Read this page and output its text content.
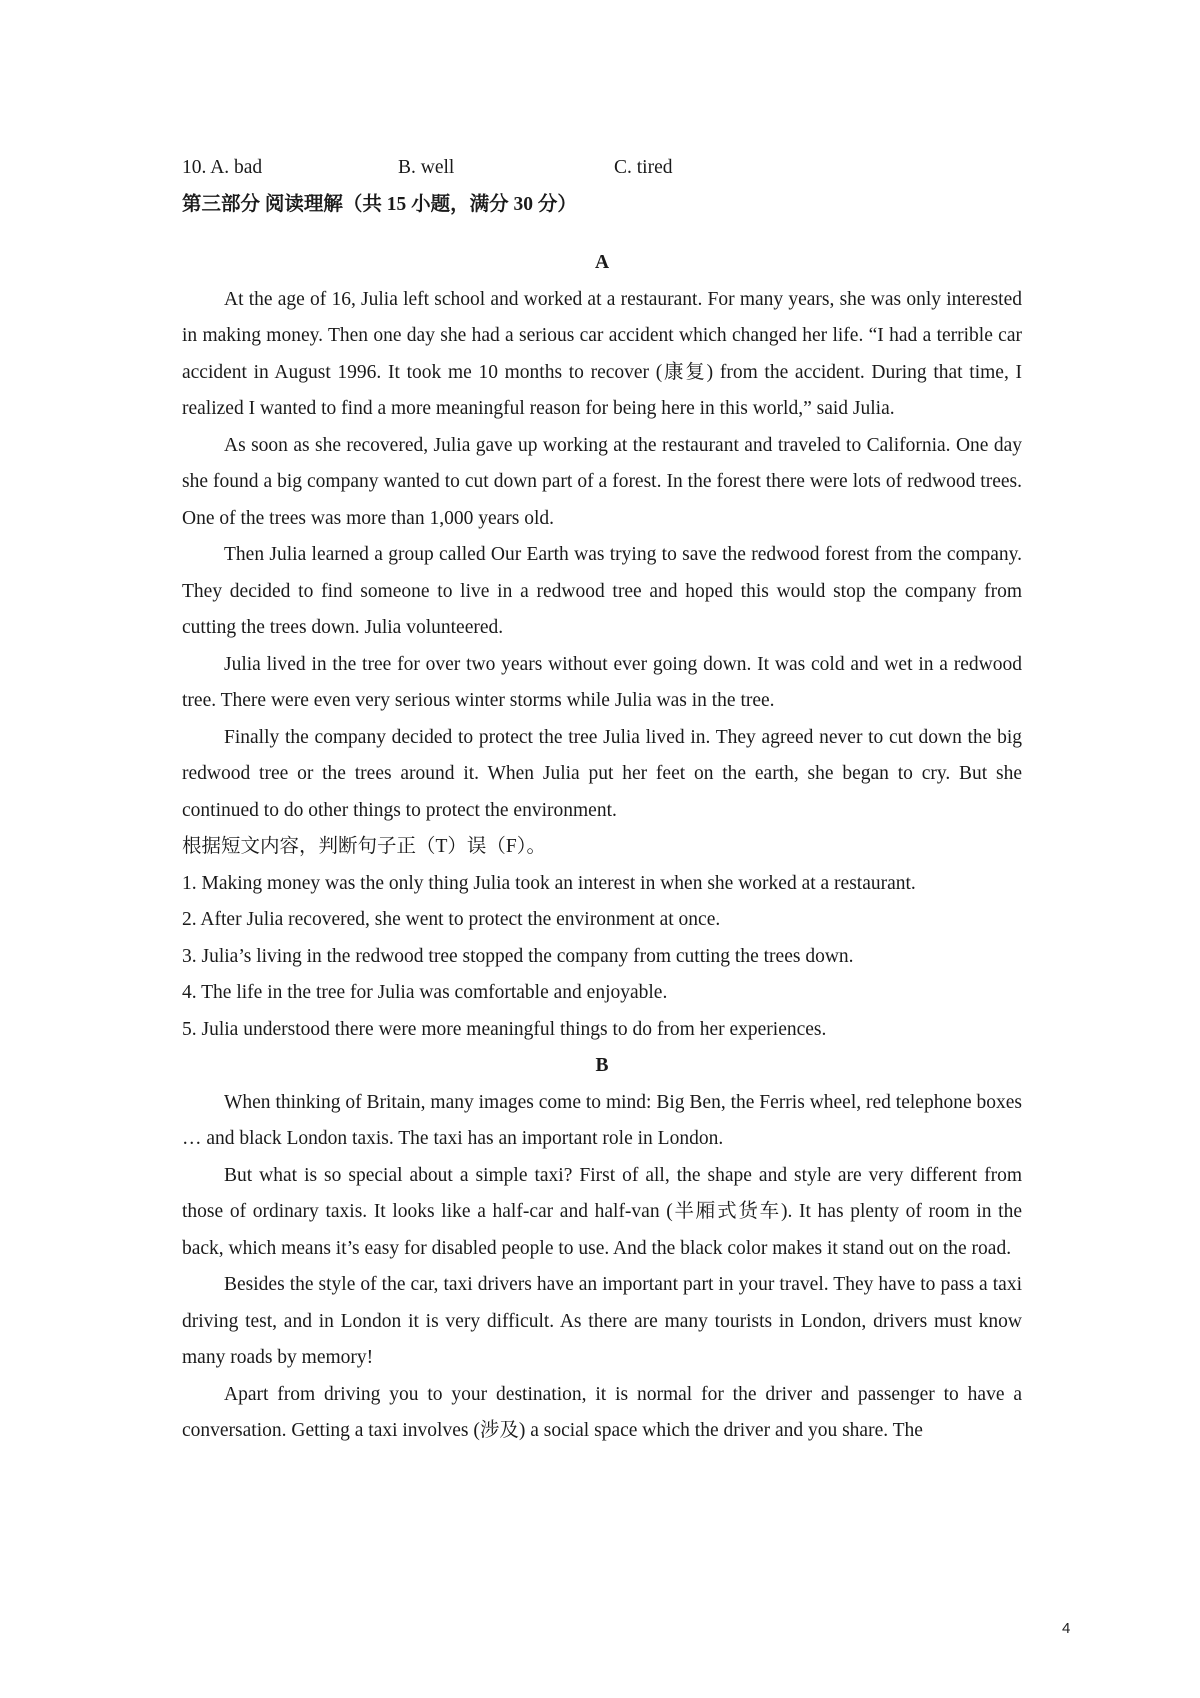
10. A. bad	B. well	C. tired
第三部分 阅读理解（共 15 小题，满分 30 分）
A

At the age of 16, Julia left school and worked at a restaurant. For many years, she was only interested in making money. Then one day she had a serious car accident which changed her life. “I had a terrible car accident in August 1996. It took me 10 months to recover (康复) from the accident. During that time, I realized I wanted to find a more meaningful reason for being here in this world,” said Julia.

As soon as she recovered, Julia gave up working at the restaurant and traveled to California. One day she found a big company wanted to cut down part of a forest. In the forest there were lots of redwood trees. One of the trees was more than 1,000 years old.

Then Julia learned a group called Our Earth was trying to save the redwood forest from the company. They decided to find someone to live in a redwood tree and hoped this would stop the company from cutting the trees down. Julia volunteered.

Julia lived in the tree for over two years without ever going down. It was cold and wet in a redwood tree. There were even very serious winter storms while Julia was in the tree.

Finally the company decided to protect the tree Julia lived in. They agreed never to cut down the big redwood tree or the trees around it. When Julia put her feet on the earth, she began to cry. But she continued to do other things to protect the environment.

根据短文内容，判断句子正（T）误（F）。
1. Making money was the only thing Julia took an interest in when she worked at a restaurant.
2. After Julia recovered, she went to protect the environment at once.
3. Julia’s living in the redwood tree stopped the company from cutting the trees down.
4. The life in the tree for Julia was comfortable and enjoyable.
5. Julia understood there were more meaningful things to do from her experiences.
B

When thinking of Britain, many images come to mind: Big Ben, the Ferris wheel, red telephone boxes … and black London taxis. The taxi has an important role in London.

But what is so special about a simple taxi? First of all, the shape and style are very different from those of ordinary taxis. It looks like a half-car and half-van (半厢式货车). It has plenty of room in the back, which means it’s easy for disabled people to use. And the black color makes it stand out on the road.

Besides the style of the car, taxi drivers have an important part in your travel. They have to pass a taxi driving test, and in London it is very difficult. As there are many tourists in London, drivers must know many roads by memory!

Apart from driving you to your destination, it is normal for the driver and passenger to have a conversation. Getting a taxi involves (涉及) a social space which the driver and you share. The

4
